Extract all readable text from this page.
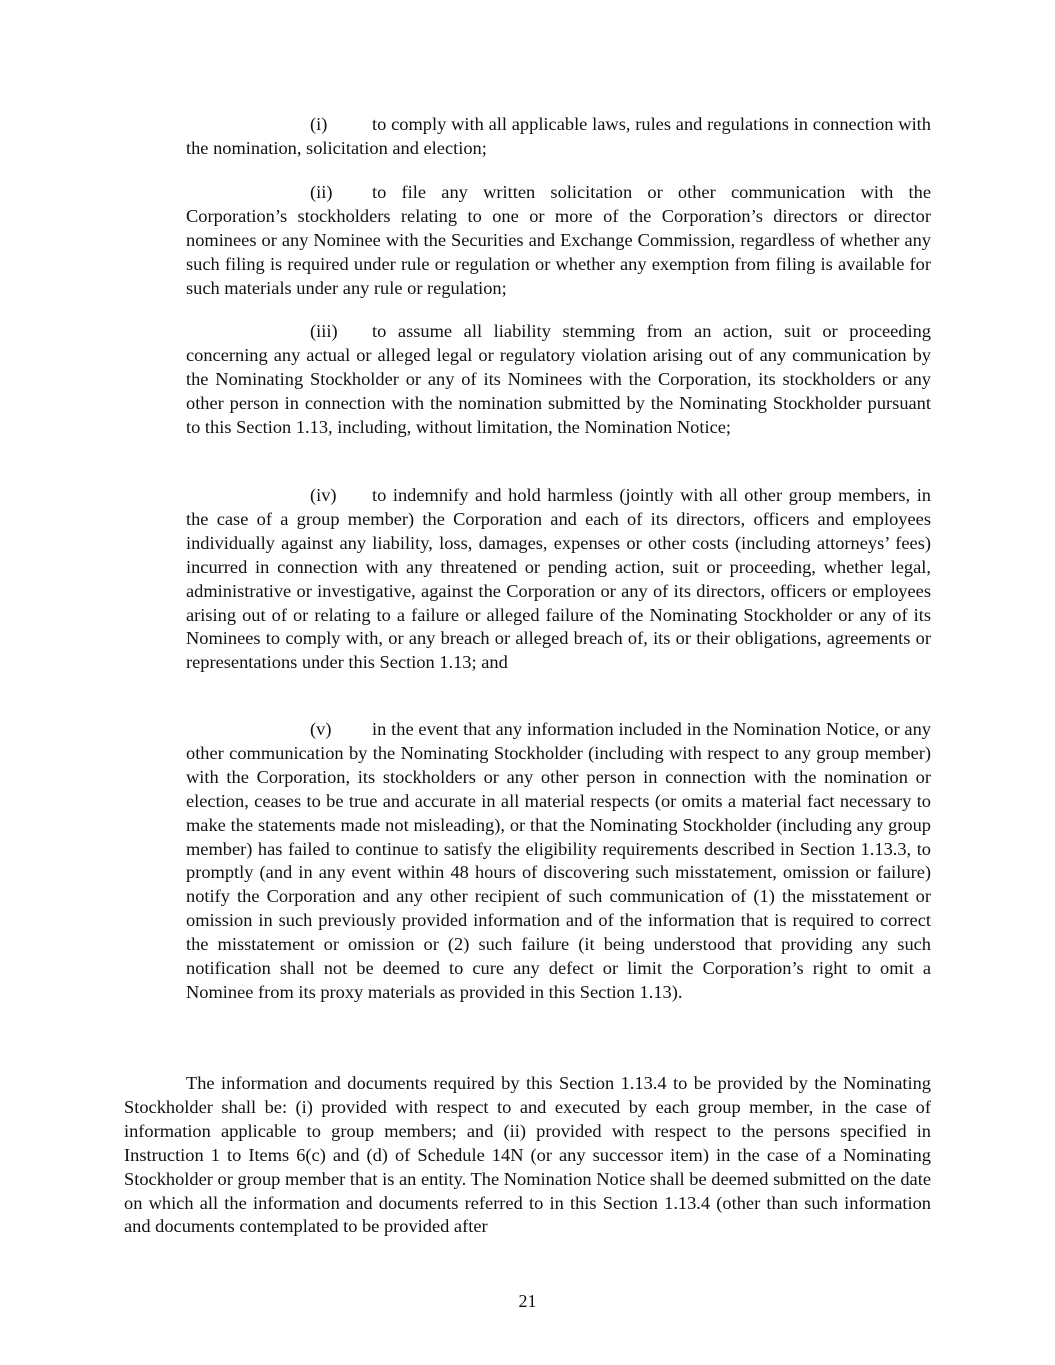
(i) to comply with all applicable laws, rules and regulations in connection with the nomination, solicitation and election;

(ii) to file any written solicitation or other communication with the Corporation’s stockholders relating to one or more of the Corporation’s directors or director nominees or any Nominee with the Securities and Exchange Commission, regardless of whether any such filing is required under rule or regulation or whether any exemption from filing is available for such materials under any rule or regulation;

(iii) to assume all liability stemming from an action, suit or proceeding concerning any actual or alleged legal or regulatory violation arising out of any communication by the Nominating Stockholder or any of its Nominees with the Corporation, its stockholders or any other person in connection with the nomination submitted by the Nominating Stockholder pursuant to this Section 1.13, including, without limitation, the Nomination Notice;

(iv) to indemnify and hold harmless (jointly with all other group members, in the case of a group member) the Corporation and each of its directors, officers and employees individually against any liability, loss, damages, expenses or other costs (including attorneys’ fees) incurred in connection with any threatened or pending action, suit or proceeding, whether legal, administrative or investigative, against the Corporation or any of its directors, officers or employees arising out of or relating to a failure or alleged failure of the Nominating Stockholder or any of its Nominees to comply with, or any breach or alleged breach of, its or their obligations, agreements or representations under this Section 1.13; and

(v) in the event that any information included in the Nomination Notice, or any other communication by the Nominating Stockholder (including with respect to any group member) with the Corporation, its stockholders or any other person in connection with the nomination or election, ceases to be true and accurate in all material respects (or omits a material fact necessary to make the statements made not misleading), or that the Nominating Stockholder (including any group member) has failed to continue to satisfy the eligibility requirements described in Section 1.13.3, to promptly (and in any event within 48 hours of discovering such misstatement, omission or failure) notify the Corporation and any other recipient of such communication of (1) the misstatement or omission in such previously provided information and of the information that is required to correct the misstatement or omission or (2) such failure (it being understood that providing any such notification shall not be deemed to cure any defect or limit the Corporation’s right to omit a Nominee from its proxy materials as provided in this Section 1.13).

The information and documents required by this Section 1.13.4 to be provided by the Nominating Stockholder shall be: (i) provided with respect to and executed by each group member, in the case of information applicable to group members; and (ii) provided with respect to the persons specified in Instruction 1 to Items 6(c) and (d) of Schedule 14N (or any successor item) in the case of a Nominating Stockholder or group member that is an entity. The Nomination Notice shall be deemed submitted on the date on which all the information and documents referred to in this Section 1.13.4 (other than such information and documents contemplated to be provided after

21
